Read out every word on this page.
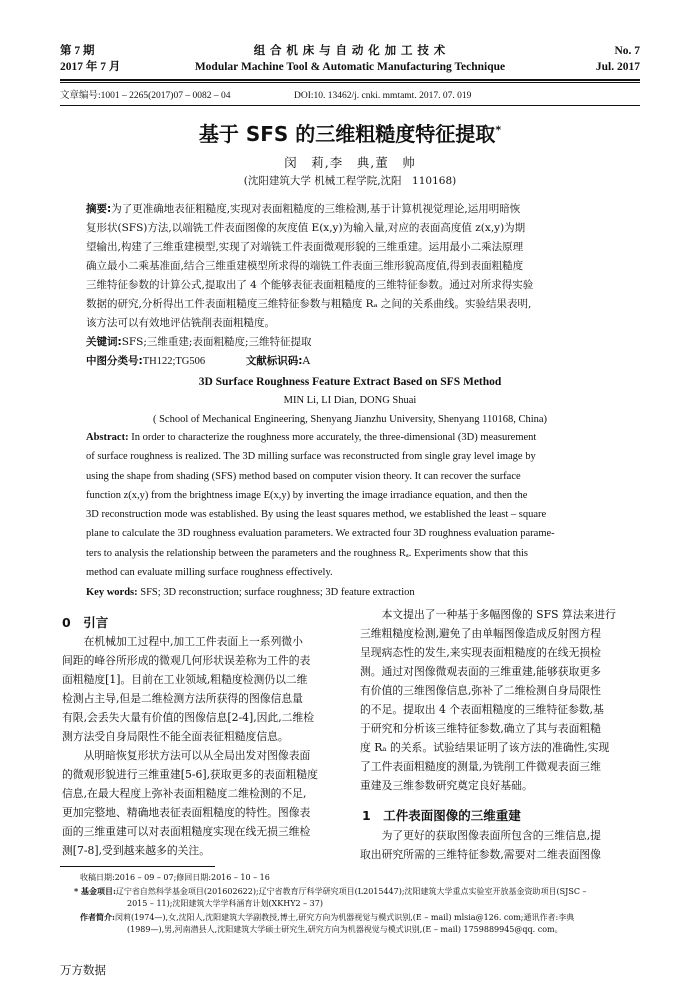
第 7 期
2017 年 7 月
组 合 机 床 与 自 动 化 加 工 技 术
Modular Machine Tool & Automatic Manufacturing Technique
No. 7
Jul. 2017
文章编号:1001 – 2265(2017)07 – 0082 – 04	DOI:10. 13462/j. cnki. mmtamt. 2017. 07. 019
基于 SFS 的三维粗糙度特征提取*
闵　莉,李　典,董　帅
(沈阳建筑大学 机械工程学院,沈阳　110168)
摘要:为了更准确地表征粗糙度,实现对表面粗糙度的三维检测,基于计算机视觉理论,运用明暗恢
复形状(SFS)方法,以端铣工件表面图像的灰度值 E(x,y)为输入量,对应的表面高度值 z(x,y)为期
望输出,构建了三维重建模型,实现了对端铣工件表面微观形貌的三维重建。运用最小二乘法原理
确立最小二乘基准面,结合三维重建模型所求得的端铣工件表面三维形貌高度值,得到表面粗糙度
三维特征参数的计算公式,提取出了 4 个能够表征表面粗糙度的三维特征参数。通过对所求得实验
数据的研究,分析得出工件表面粗糙度三维特征参数与粗糙度 Rₐ 之间的关系曲线。实验结果表明,
该方法可以有效地评估铣削表面粗糙度。
关键词:SFS;三维重建;表面粗糙度;三维特征提取
中图分类号:TH122;TG506	文献标识码:A
3D Surface Roughness Feature Extract Based on SFS Method
MIN Li, LI Dian, DONG Shuai
( School of Mechanical Engineering, Shenyang Jianzhu University, Shenyang 110168, China)
Abstract: In order to characterize the roughness more accurately, the three-dimensional (3D) measurement
of surface roughness is realized. The 3D milling surface was reconstructed from single gray level image by
using the shape from shading (SFS) method based on computer vision theory. It can recover the surface
function z(x,y) from the brightness image E(x,y) by inverting the image irradiance equation, and then the
3D reconstruction mode was established. By using the least squares method, we established the least – square
plane to calculate the 3D roughness evaluation parameters. We extracted four 3D roughness evaluation parame-
ters to analysis the relationship between the parameters and the roughness Rₐ. Experiments show that this
method can evaluate milling surface roughness effectively.
Key words: SFS; 3D reconstruction; surface roughness; 3D feature extraction
0　引言
在机械加工过程中,加工工件表面上一系列微小
间距的峰谷所形成的微观几何形状误差称为工件的表
面粗糙度[1]。目前在工业领域,粗糙度检测仍以二维
检测占主导,但是二维检测方法所获得的图像信息量
有限,会丢失大量有价值的图像信息[2-4],因此,二维检
测方法受自身局限性不能全面表征粗糙度信息。
从明暗恢复形状方法可以从全局出发对图像表面
的微观形貌进行三维重建[5-6],获取更多的表面粗糙度
信息,在最大程度上弥补表面粗糙度二维检测的不足,
更加完整地、精确地表征表面粗糙度的特性。图像表
面的三维重建可以对表面粗糙度实现在线无损三维检
测[7-8],受到越来越多的关注。
本文提出了一种基于多幅图像的 SFS 算法来进行
三维粗糙度检测,避免了由单幅图像造成反射图方程
呈现病态性的发生,来实现表面粗糙度的在线无损检
测。通过对图像微观表面的三维重建,能够获取更多
有价值的三维图像信息,弥补了二维检测自身局限性
的不足。提取出 4 个表面粗糙度的三维特征参数,基
于研究和分析该三维特征参数,确立了其与表面粗糙
度 Rₐ 的关系。试验结果证明了该方法的准确性,实现
了工件表面粗糙度的测量,为铣削工件微观表面三维
重建及三维参数研究奠定良好基础。
1　工件表面图像的三维重建
为了更好的获取图像表面所包含的三维信息,提
取出研究所需的三维特征参数,需要对二维表面图像
收稿日期:2016 – 09 – 07;修回日期:2016 – 10 – 16
* 基金项目:辽宁省自然科学基金项目(201602622);辽宁省教育厅科学研究项目(L2015447);沈阳建筑大学重点实验室开放基金资助项目(SJSC –
2015 – 11);沈阳建筑大学学科涵育计划(XKHY2 – 37)
作者简介:闵莉(1974—),女,沈阳人,沈阳建筑大学副教授,博士,研究方向为机器视觉与模式识别,(E – mail) mlsia@126. com;通讯作者:李典
(1989—),男,河南潜县人,沈阳建筑大学硕士研究生,研究方向为机器视觉与模式识别,(E – mail) 1759889945@qq. com。
万方数据
